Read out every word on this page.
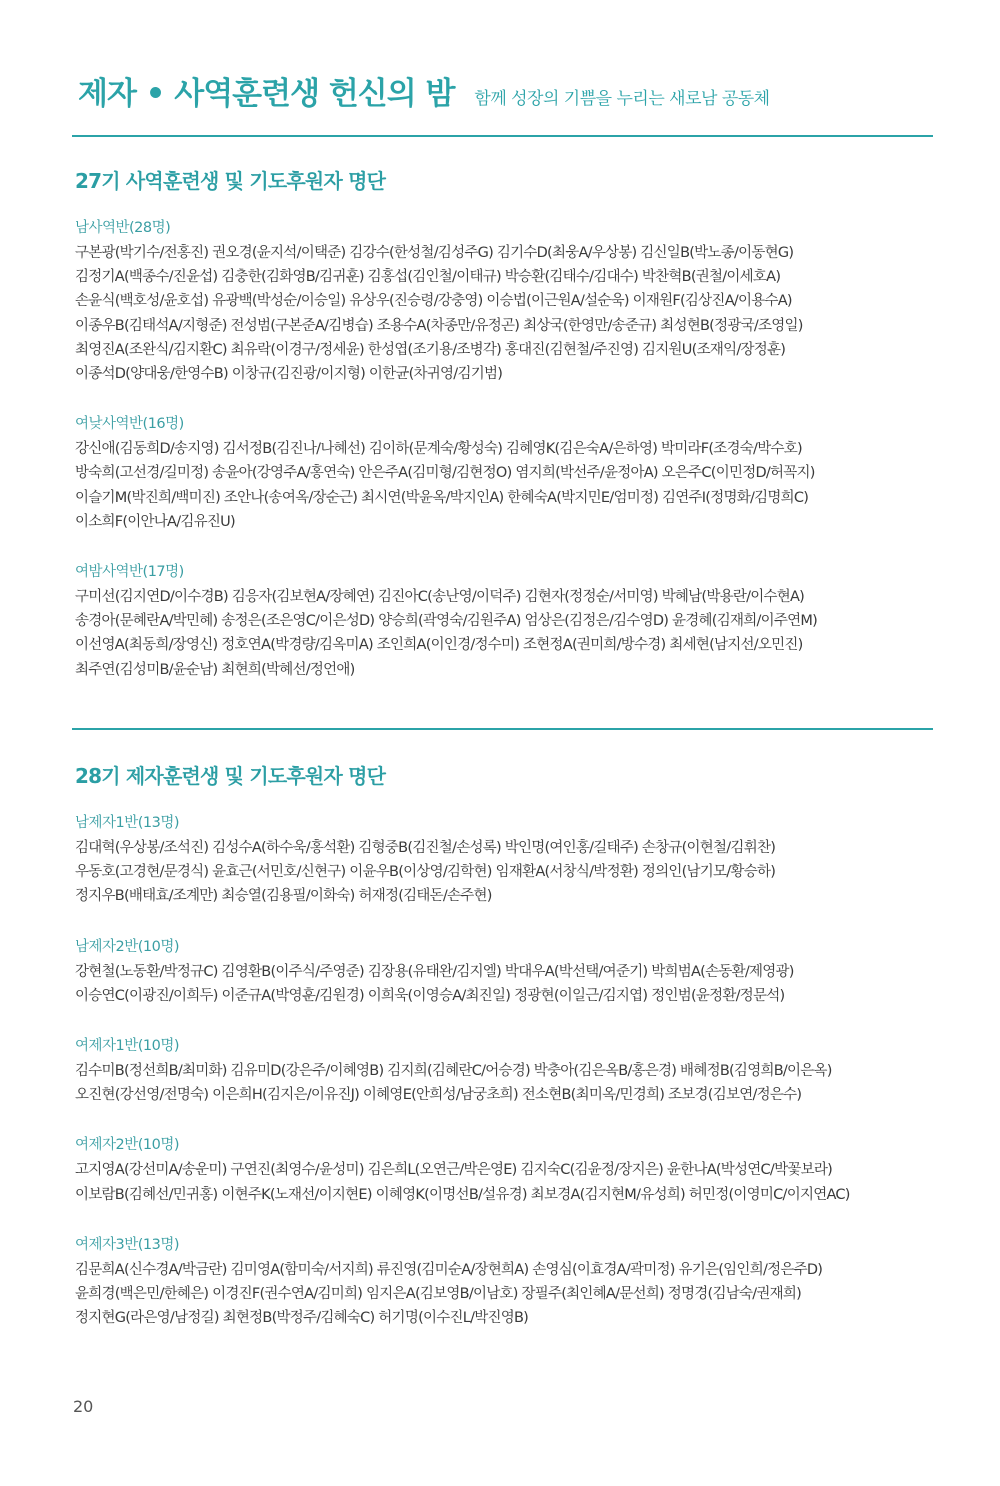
제자 • 사역훈련생 헌신의 밤 함께 성장의 기쁨을 누리는 새로남 공동체
27기 사역훈련생 및 기도후원자 명단
남사역반(28명)
구본광(박기수/전홍진) 권오경(윤지석/이택준) 김강수(한성철/김성주G) 김기수D(최웅A/우상봉) 김신일B(박노종/이동현G)
김정기A(백종수/진윤섭) 김충한(김화영B/김귀훈) 김홍섭(김인철/이태규) 박승환(김태수/김대수) 박찬혁B(권철/이세호A)
손윤식(백호성/윤호섭) 유광백(박성순/이승일) 유상우(진승령/강충영) 이승법(이근원A/설순욱) 이재원F(김상진A/이용수A)
이종우B(김태석A/지형준) 전성범(구본준A/김병습) 조용수A(차종만/유정곤) 최상국(한영만/송준규) 최성현B(정광국/조영일)
최영진A(조완식/김지환C) 최유락(이경구/정세윤) 한성엽(조기용/조병각) 홍대진(김현철/주진영) 김지원U(조재익/장정훈)
이종석D(양대웅/한영수B) 이창규(김진광/이지형) 이한균(차귀영/김기범)
여낮사역반(16명)
강신애(김동희D/송지영) 김서정B(김진나/나혜선) 김이하(문계숙/황성숙) 김혜영K(김은숙A/은하영) 박미라F(조경숙/박수호)
방숙희(고선경/길미정) 송윤아(강영주A/홍연숙) 안은주A(김미형/김현정O) 염지희(박선주/윤정아A) 오은주C(이민정D/허꼭지)
이슬기M(박진희/백미진) 조안나(송여옥/장순근) 최시연(박윤옥/박지인A) 한혜숙A(박지민E/엄미정) 김연주I(정명화/김명희C)
이소희F(이안나A/김유진U)
여밤사역반(17명)
구미선(김지연D/이수경B) 김응자(김보현A/장혜연) 김진아C(송난영/이덕주) 김현자(정정순/서미영) 박혜남(박용란/이수현A)
송경아(문혜란A/박민혜) 송정은(조은영C/이은성D) 양승희(곽영숙/김원주A) 엄상은(김정은/김수영D) 윤경혜(김재희/이주연M)
이선영A(최동희/장영신) 정호연A(박경량/김옥미A) 조인희A(이인경/정수미) 조현정A(권미희/방수경) 최세현(남지선/오민진)
최주연(김성미B/윤순남) 최현희(박혜선/정언애)
28기 제자훈련생 및 기도후원자 명단
남제자1반(13명)
김대혁(우상봉/조석진) 김성수A(하수욱/홍석환) 김형중B(김진철/손성록) 박인명(여인홍/길태주) 손창규(이현철/김휘찬)
우동호(고경현/문경식) 윤효근(서민호/신현구) 이윤우B(이상영/김학현) 임재환A(서창식/박정환) 정의인(남기모/황승하)
정지우B(배태효/조계만) 최승열(김용필/이화숙) 허재정(김태돈/손주현)
남제자2반(10명)
강현철(노동환/박정규C) 김영환B(이주식/주영준) 김장용(유태완/김지엘) 박대우A(박선택/여준기) 박희범A(손동환/제영광)
이승연C(이광진/이희두) 이준규A(박영훈/김원경) 이희욱(이영승A/최진일) 정광현(이일근/김지엽) 정인범(윤정환/정문석)
여제자1반(10명)
김수미B(정선희B/최미화) 김유미D(강은주/이혜영B) 김지희(김혜란C/어승경) 박충아(김은옥B/홍은경) 배혜정B(김영희B/이은옥)
오진현(강선영/전명숙) 이은희H(김지은/이유진J) 이혜영E(안희성/남궁초희) 전소현B(최미옥/민경희) 조보경(김보연/정은수)
여제자2반(10명)
고지영A(강선미A/송운미) 구연진(최영수/윤성미) 김은희L(오연근/박은영E) 김지숙C(김윤정/장지은) 윤한나A(박성연C/박꽃보라)
이보람B(김혜선/민귀홍) 이현주K(노재선/이지현E) 이혜영K(이명선B/설유경) 최보경A(김지현M/유성희) 허민정(이영미C/이지연AC)
여제자3반(13명)
김문희A(신수경A/박금란) 김미영A(함미숙/서지희) 류진영(김미순A/장현희A) 손영심(이효경A/곽미정) 유기은(임인희/정은주D)
윤희경(백은민/한혜은) 이경진F(권수연A/김미희) 임지은A(김보영B/이남호) 장필주(최인혜A/문선희) 정명경(김남숙/권재희)
정지현G(라은영/남정길) 최현정B(박정주/김혜숙C) 허기명(이수진L/박진영B)
20
